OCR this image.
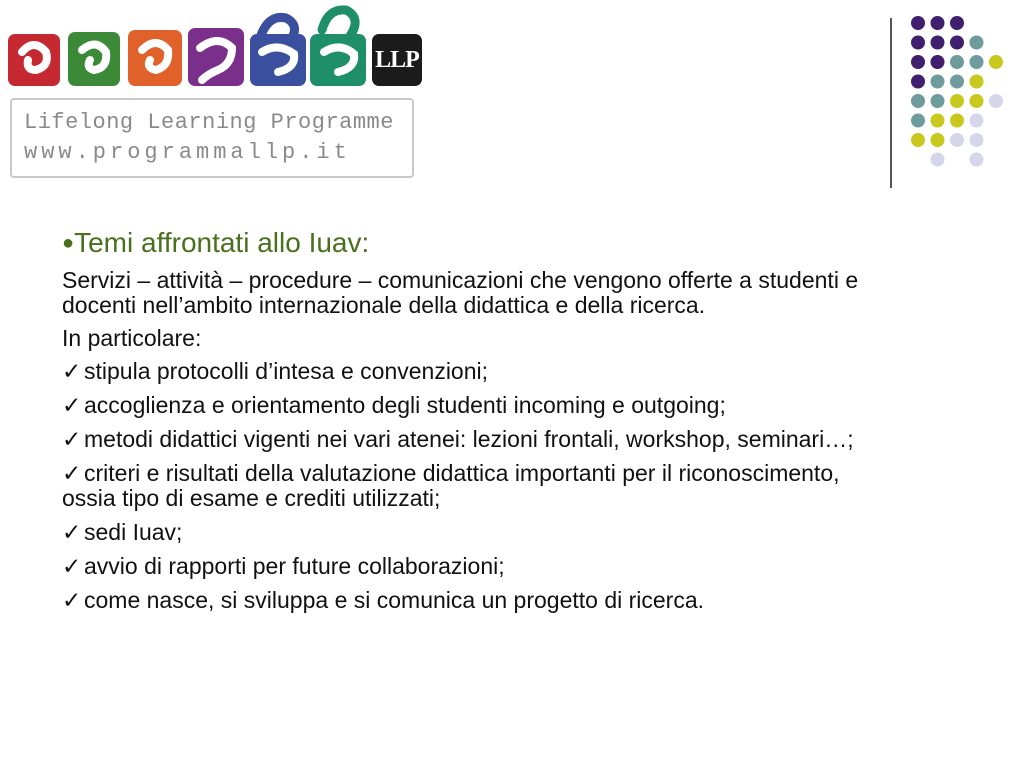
LLP
Lifelong Learning Programme
www.programmallp.it
●Temi affrontati allo Iuav:
Servizi – attività – procedure – comunicazioni che vengono offerte a studenti e docenti nell’ambito internazionale della didattica e della ricerca.
In particolare:
✓ stipula protocolli d’intesa e convenzioni;
✓ accoglienza e orientamento degli studenti incoming e outgoing;
✓ metodi didattici vigenti nei vari atenei: lezioni frontali, workshop, seminari…;
✓ criteri e risultati della valutazione didattica importanti per il riconoscimento, ossia tipo di esame e crediti utilizzati;
✓ sedi Iuav;
✓ avvio di rapporti per future collaborazioni;
✓ come nasce, si sviluppa e si comunica un progetto di ricerca.
